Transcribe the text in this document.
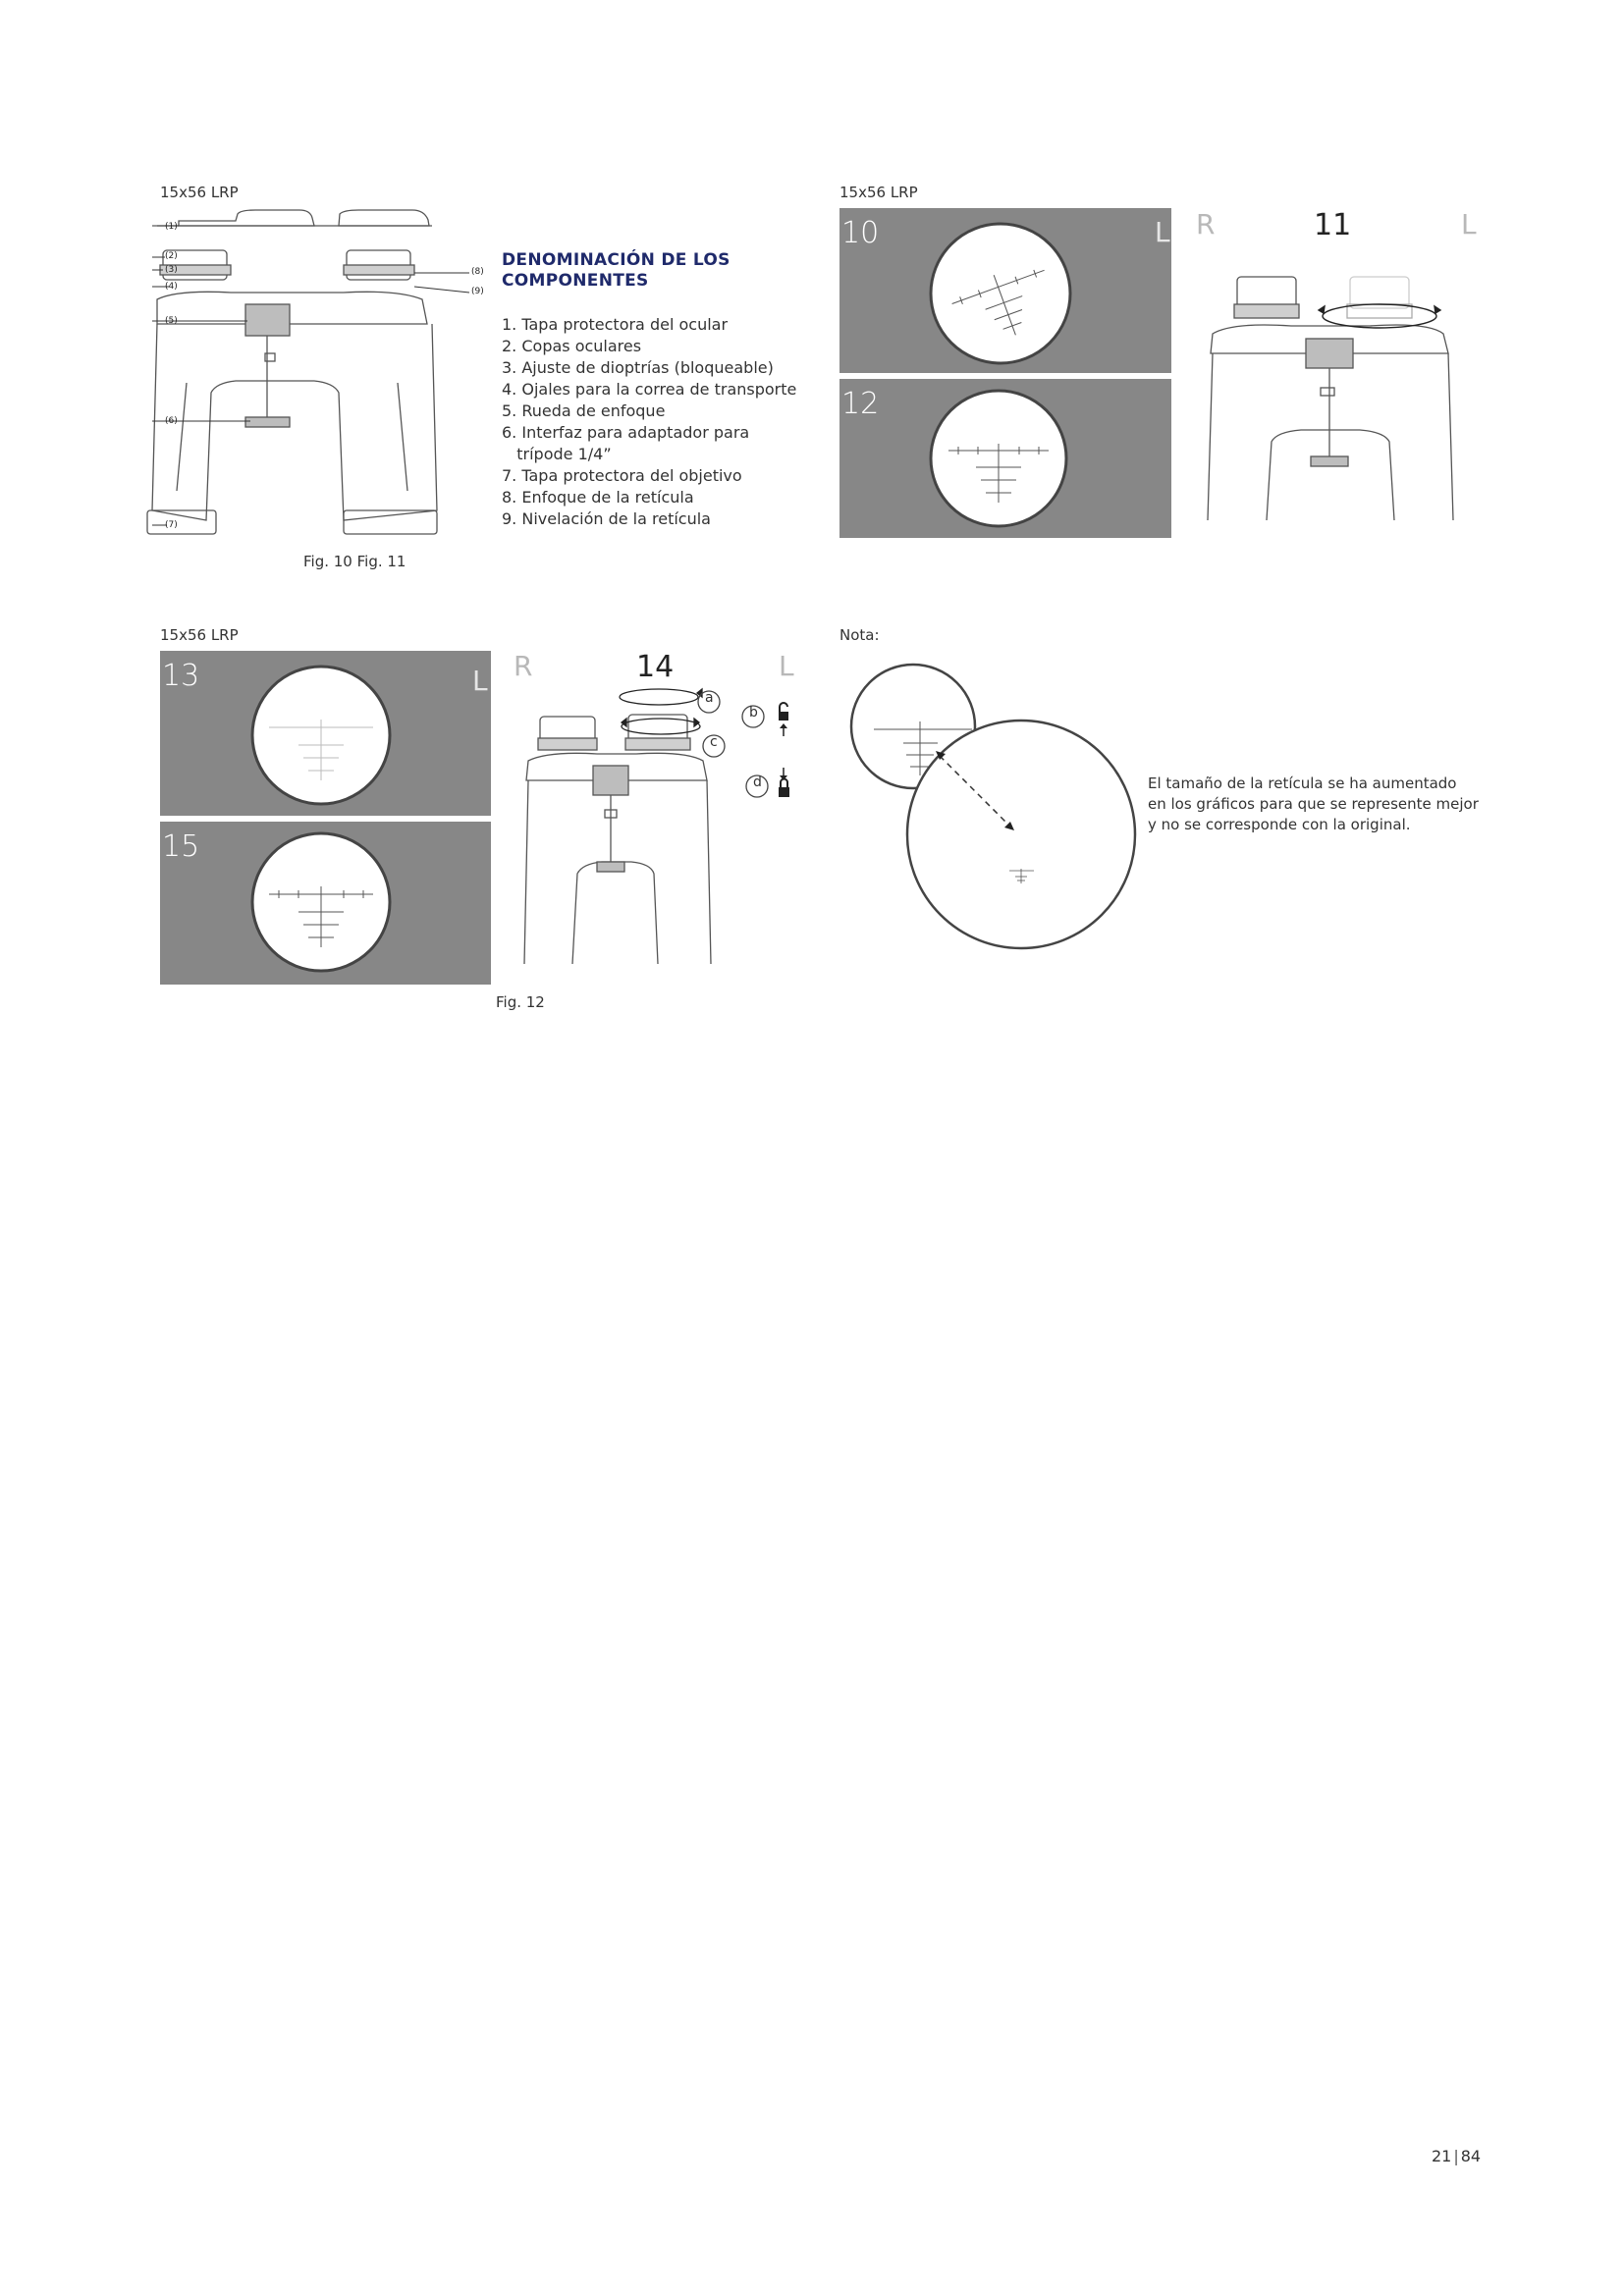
15x56 LRP
(1)
(2)
(3)
(4)
(5)
(6)
(7)
(8)
(9)
DENOMINACIÓN DE LOS
COMPONENTES
1. Tapa protectora del ocular
2. Copas oculares
3. Ajuste de dioptrías (bloqueable)
4. Ojales para la correa de transporte
5. Rueda de enfoque
6. Interfaz para adaptador para
trípode 1/4”
7. Tapa protectora del objetivo
8. Enfoque de la retícula
9. Nivelación de la retícula
Fig. 10 Fig. 11
15x56 LRP
10	L
12
R	11	L
15x56 LRP
13	L
15
R	14	L
a
b
c
d
Fig. 12
Nota:
El tamaño de la retícula se ha aumentado
en los gráficos para que se represente mejor
y no se corresponde con la original.
21 | 84
